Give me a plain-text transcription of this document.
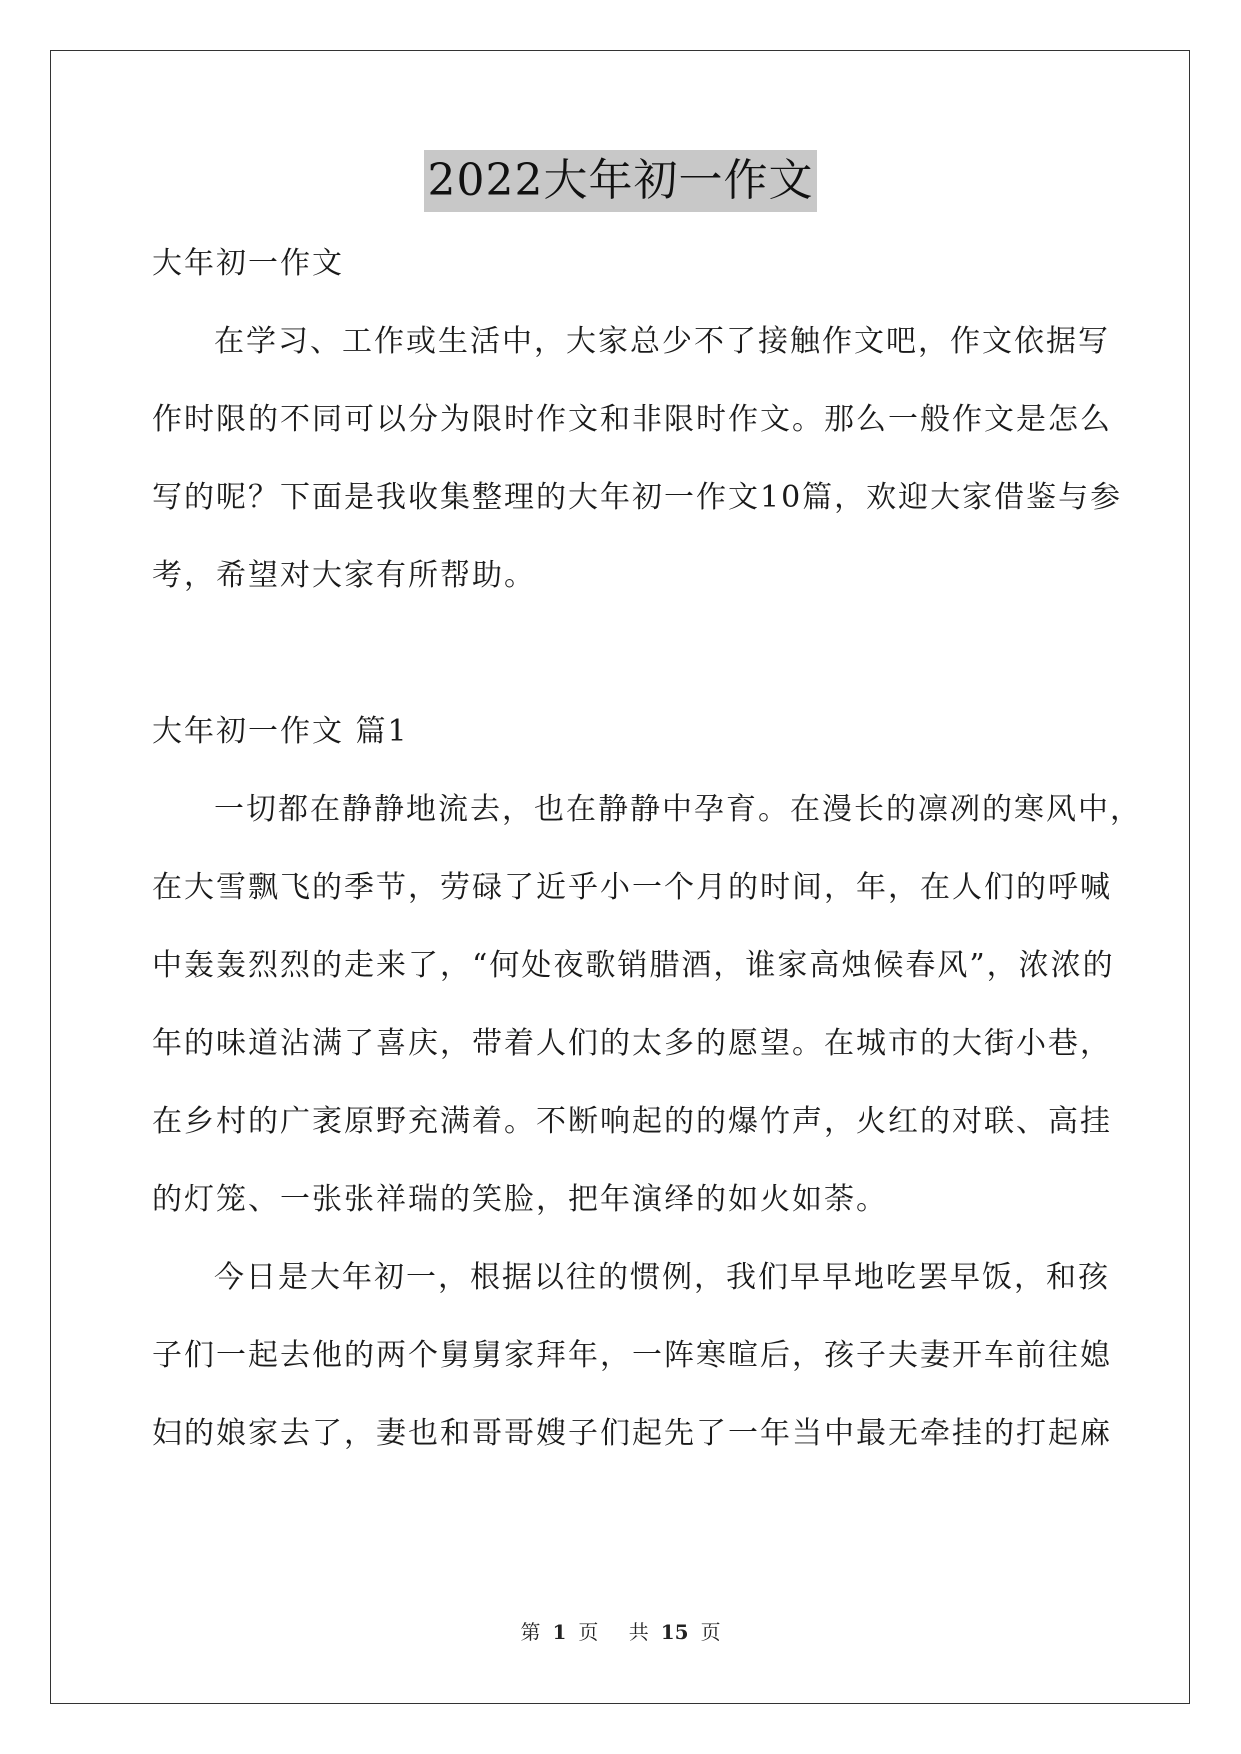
2022大年初一作文
大年初一作文
在学习、工作或生活中，大家总少不了接触作文吧，作文依据写
作时限的不同可以分为限时作文和非限时作文。那么一般作文是怎么
写的呢？下面是我收集整理的大年初一作文10篇，欢迎大家借鉴与参
考，希望对大家有所帮助。
大年初一作文 篇1
一切都在静静地流去，也在静静中孕育。在漫长的凛冽的寒风中，
在大雪飘飞的季节，劳碌了近乎小一个月的时间，年，在人们的呼喊
中轰轰烈烈的走来了，“何处夜歌销腊酒，谁家高烛候春风”，浓浓的
年的味道沾满了喜庆，带着人们的太多的愿望。在城市的大街小巷，
在乡村的广袤原野充满着。不断响起的的爆竹声，火红的对联、高挂
的灯笼、一张张祥瑞的笑脸，把年演绎的如火如荼。
今日是大年初一，根据以往的惯例，我们早早地吃罢早饭，和孩
子们一起去他的两个舅舅家拜年，一阵寒暄后，孩子夫妻开车前往媳
妇的娘家去了，妻也和哥哥嫂子们起先了一年当中最无牵挂的打起麻
第 1 页 共 15 页
